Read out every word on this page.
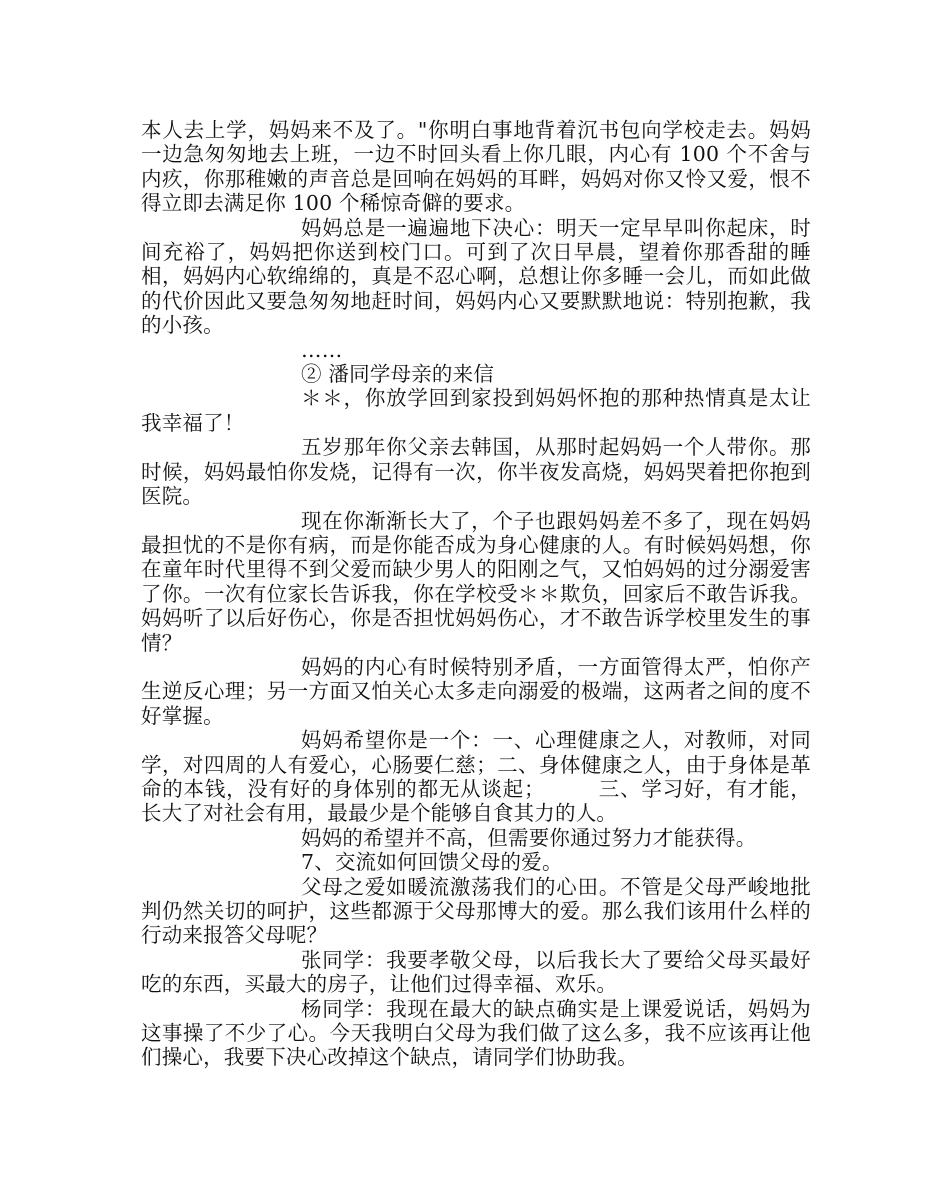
本人去上学，妈妈来不及了。"你明白事地背着沉书包向学校走去。妈妈一边急匆匆地去上班，一边不时回头看上你几眼，内心有 100 个不舍与内疚，你那稚嫩的声音总是回响在妈妈的耳畔，妈妈对你又怜又爱，恨不得立即去满足你 100 个稀惊奇僻的要求。

妈妈总是一遍遍地下决心：明天一定早早叫你起床，时间充裕了，妈妈把你送到校门口。可到了次日早晨，望着你那香甜的睡相，妈妈内心软绵绵的，真是不忍心啊，总想让你多睡一会儿，而如此做的代价因此又要急匆匆地赶时间，妈妈内心又要默默地说：特别抱歉，我的小孩。

……

② 潘同学母亲的来信

＊＊，你放学回到家投到妈妈怀抱的那种热情真是太让我幸福了！

五岁那年你父亲去韩国，从那时起妈妈一个人带你。那时候，妈妈最怕你发烧，记得有一次，你半夜发高烧，妈妈哭着把你抱到医院。

现在你渐渐长大了，个子也跟妈妈差不多了，现在妈妈最担忧的不是你有病，而是你能否成为身心健康的人。有时候妈妈想，你在童年时代里得不到父爱而缺少男人的阳刚之气，又怕妈妈的过分溺爱害了你。一次有位家长告诉我，你在学校受＊＊欺负，回家后不敢告诉我。妈妈听了以后好伤心，你是否担忧妈妈伤心，才不敢告诉学校里发生的事情？

妈妈的内心有时候特别矛盾，一方面管得太严，怕你产生逆反心理；另一方面又怕关心太多走向溺爱的极端，这两者之间的度不好掌握。

妈妈希望你是一个：一、心理健康之人，对教师，对同学，对四周的人有爱心，心肠要仁慈；二、身体健康之人，由于身体是革命的本钱，没有好的身体别的都无从谈起；　　　三、学习好，有才能，长大了对社会有用，最最少是个能够自食其力的人。

妈妈的希望并不高，但需要你通过努力才能获得。

7、交流如何回馈父母的爱。

父母之爱如暖流激荡我们的心田。不管是父母严峻地批判仍然关切的呵护，这些都源于父母那博大的爱。那么我们该用什么样的行动来报答父母呢？

张同学：我要孝敬父母，以后我长大了要给父母买最好吃的东西，买最大的房子，让他们过得幸福、欢乐。

杨同学：我现在最大的缺点确实是上课爱说话，妈妈为这事操了不少了心。今天我明白父母为我们做了这么多，我不应该再让他们操心，我要下决心改掉这个缺点，请同学们协助我。
